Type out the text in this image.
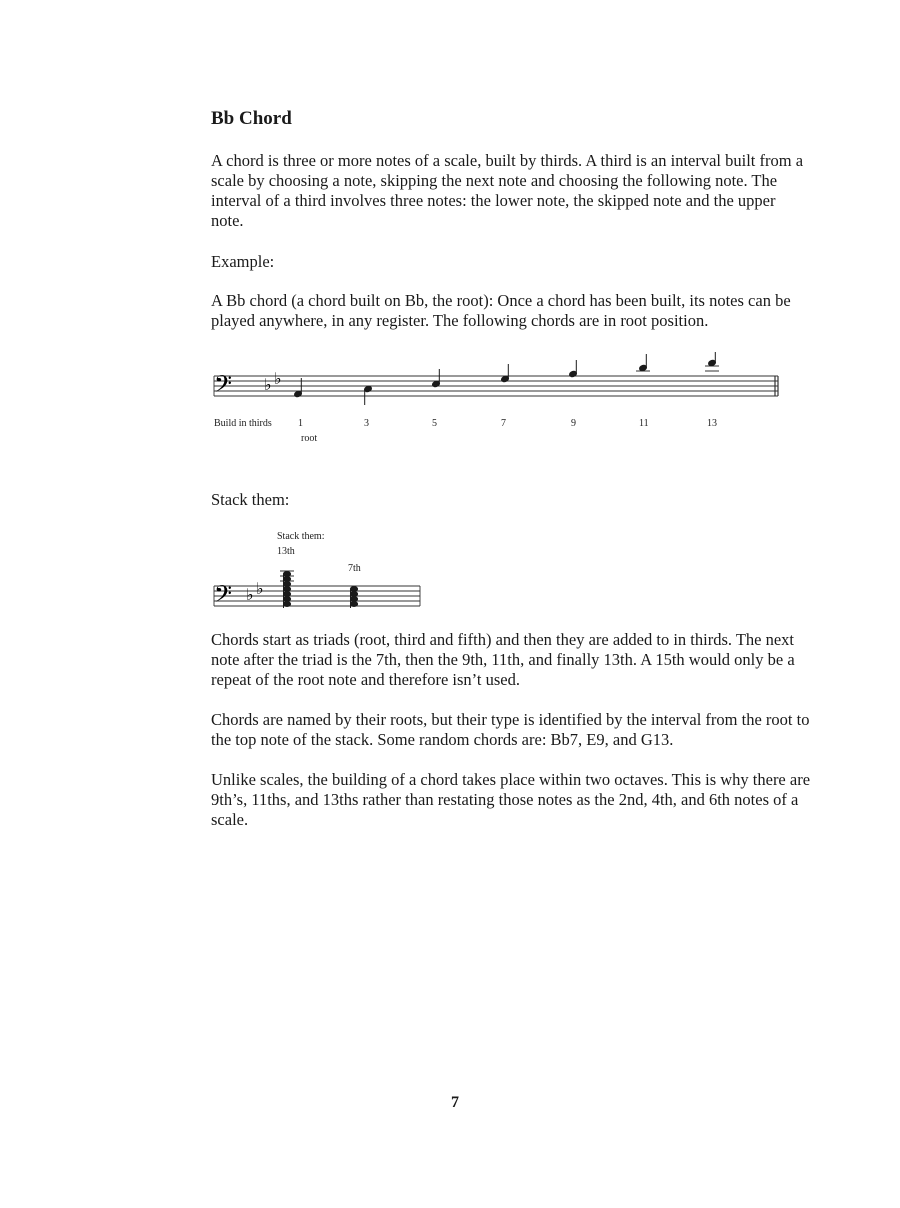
Bb Chord

A chord is three or more notes of a scale, built by thirds. A third is an interval built from a scale by choosing a note, skipping the next note and choosing the following note. The interval of a third involves three notes: the lower note, the skipped note and the upper note.

Example:

A Bb chord (a chord built on Bb, the root): Once a chord has been built, its notes can be played anywhere, in any register. The following chords are in root position.

𝄢 ♭ ♭
Build in thirds	1	3	5	7	9	11	13
root

Stack them:

Stack them:
13th
7th
𝄢 ♭ ♭

Chords start as triads (root, third and fifth) and then they are added to in thirds. The next note after the triad is the 7th, then the 9th, 11th, and finally 13th. A 15th would only be a repeat of the root note and therefore isn’t used.

Chords are named by their roots, but their type is identified by the interval from the root to the top note of the stack. Some random chords are: Bb7, E9, and G13.

Unlike scales, the building of a chord takes place within two octaves. This is why there are 9th’s, 11ths, and 13ths rather than restating those notes as the 2nd, 4th, and 6th notes of a scale.

7
